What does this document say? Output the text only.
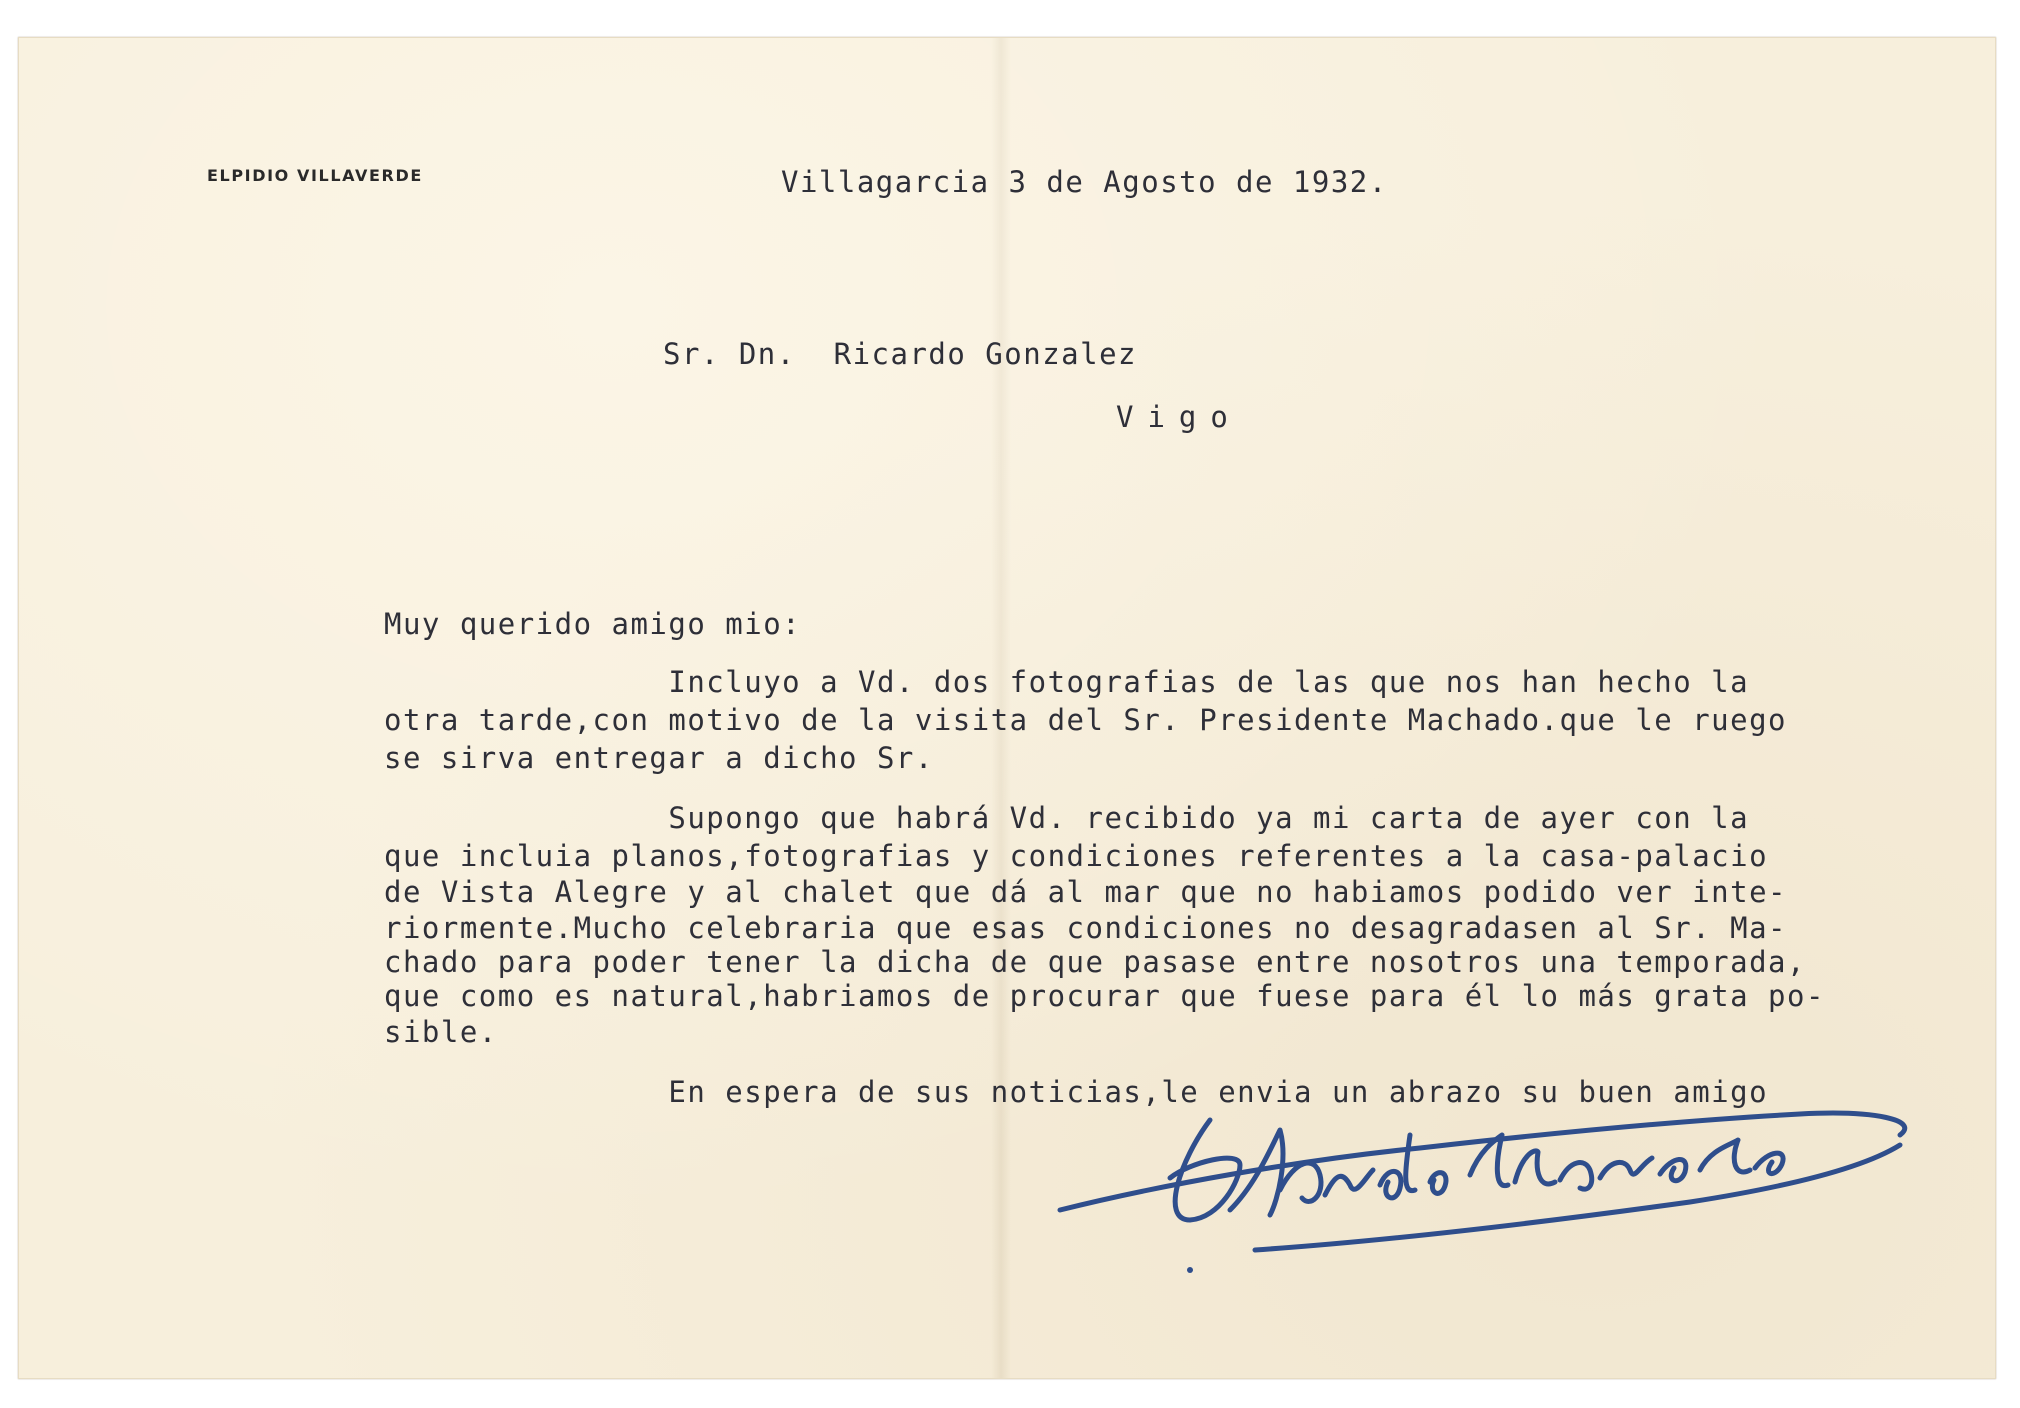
ELPIDIO VILLAVERDE	Villagarcia 3 de Agosto de 1932.

Sr. Dn.  Ricardo Gonzalez

Vigo

Muy querido amigo mio:

Incluyo a Vd. dos fotografias de las que nos han hecho la

otra tarde,con motivo de la visita del Sr. Presidente Machado.que le ruego

se sirva entregar a dicho Sr.

Supongo que habrá Vd. recibido ya mi carta de ayer con la

que incluia planos,fotografias y condiciones referentes a la casa-palacio

de Vista Alegre y al chalet que dá al mar que no habiamos podido ver inte-

riormente.Mucho celebraria que esas condiciones no desagradasen al Sr. Ma-

chado para poder tener la dicha de que pasase entre nosotros una temporada,

que como es natural,habriamos de procurar que fuese para él lo más grata po-

sible.

En espera de sus noticias,le envia un abrazo su buen amigo
